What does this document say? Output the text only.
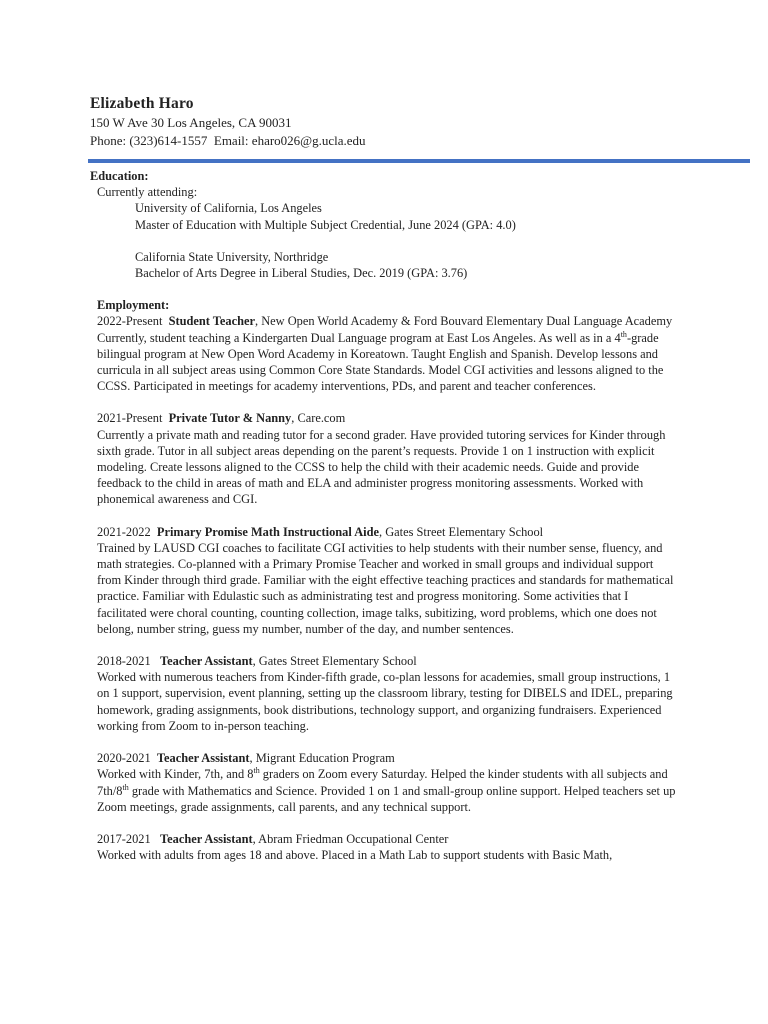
Elizabeth Haro
150 W Ave 30 Los Angeles, CA 90031
Phone: (323)614-1557 Email: eharo026@g.ucla.edu
Education:
Currently attending:
University of California, Los Angeles
Master of Education with Multiple Subject Credential, June 2024 (GPA: 4.0)
California State University, Northridge
Bachelor of Arts Degree in Liberal Studies, Dec. 2019 (GPA: 3.76)
Employment:
2022-Present Student Teacher, New Open World Academy & Ford Bouvard Elementary Dual Language Academy

Currently, student teaching a Kindergarten Dual Language program at East Los Angeles. As well as in a 4th-grade bilingual program at New Open Word Academy in Koreatown. Taught English and Spanish. Develop lessons and curricula in all subject areas using Common Core State Standards. Model CGI activities and lessons aligned to the CCSS. Participated in meetings for academy interventions, PDs, and parent and teacher conferences.

2021-Present Private Tutor & Nanny, Care.com

Currently a private math and reading tutor for a second grader. Have provided tutoring services for Kinder through sixth grade. Tutor in all subject areas depending on the parent’s requests. Provide 1 on 1 instruction with explicit modeling. Create lessons aligned to the CCSS to help the child with their academic needs. Guide and provide feedback to the child in areas of math and ELA and administer progress monitoring assessments. Worked with phonemical awareness and CGI.

2021-2022 Primary Promise Math Instructional Aide, Gates Street Elementary School

Trained by LAUSD CGI coaches to facilitate CGI activities to help students with their number sense, fluency, and math strategies. Co-planned with a Primary Promise Teacher and worked in small groups and individual support from Kinder through third grade. Familiar with the eight effective teaching practices and standards for mathematical practice. Familiar with Edulastic such as administrating test and progress monitoring. Some activities that I facilitated were choral counting, counting collection, image talks, subitizing, word problems, which one does not belong, number string, guess my number, number of the day, and number sentences.

2018-2021 Teacher Assistant, Gates Street Elementary School

Worked with numerous teachers from Kinder-fifth grade, co-plan lessons for academies, small group instructions, 1 on 1 support, supervision, event planning, setting up the classroom library, testing for DIBELS and IDEL, preparing homework, grading assignments, book distributions, technology support, and organizing fundraisers. Experienced working from Zoom to in-person teaching.

2020-2021 Teacher Assistant, Migrant Education Program

Worked with Kinder, 7th, and 8th graders on Zoom every Saturday. Helped the kinder students with all subjects and 7th/8th grade with Mathematics and Science. Provided 1 on 1 and small-group online support. Helped teachers set up Zoom meetings, grade assignments, call parents, and any technical support.

2017-2021 Teacher Assistant, Abram Friedman Occupational Center

Worked with adults from ages 18 and above. Placed in a Math Lab to support students with Basic Math,
